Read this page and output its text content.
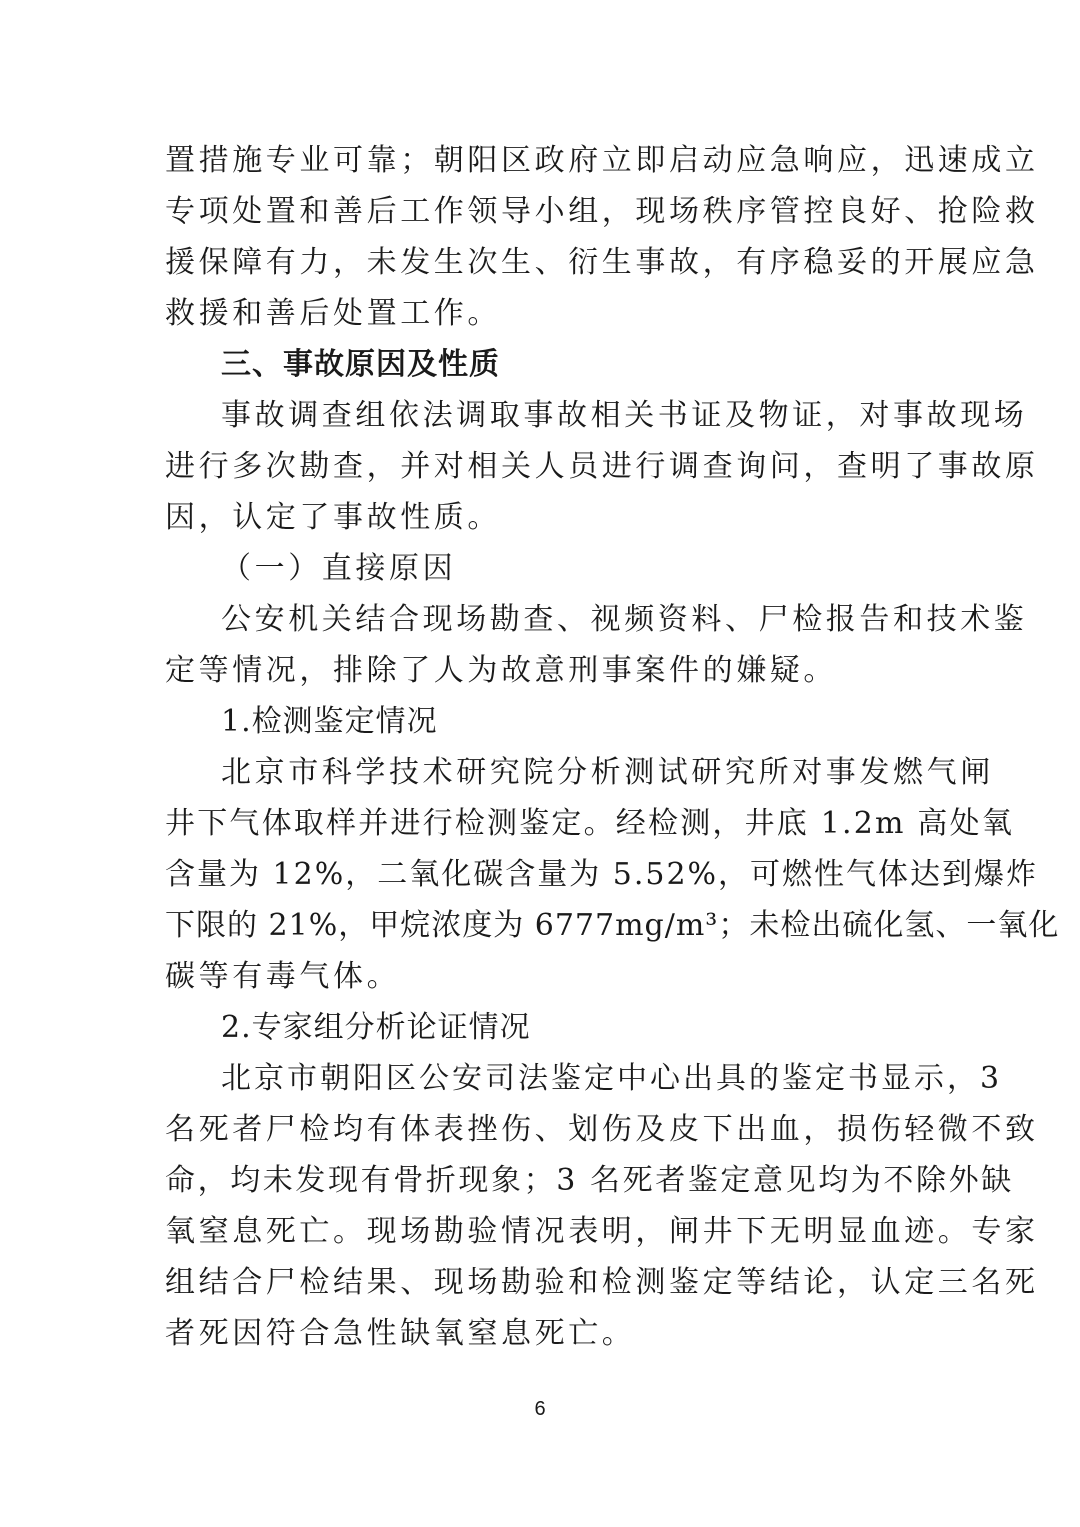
置措施专业可靠；朝阳区政府立即启动应急响应，迅速成立
专项处置和善后工作领导小组，现场秩序管控良好、抢险救
援保障有力，未发生次生、衍生事故，有序稳妥的开展应急
救援和善后处置工作。
三、事故原因及性质
事故调查组依法调取事故相关书证及物证，对事故现场
进行多次勘查，并对相关人员进行调查询问，查明了事故原
因，认定了事故性质。
（一）直接原因
公安机关结合现场勘查、视频资料、尸检报告和技术鉴
定等情况，排除了人为故意刑事案件的嫌疑。
1.检测鉴定情况
北京市科学技术研究院分析测试研究所对事发燃气闸
井下气体取样并进行检测鉴定。经检测，井底 1.2m 高处氧
含量为 12%，二氧化碳含量为 5.52%，可燃性气体达到爆炸
下限的 21%，甲烷浓度为 6777mg/m³；未检出硫化氢、一氧化
碳等有毒气体。
2.专家组分析论证情况
北京市朝阳区公安司法鉴定中心出具的鉴定书显示，3
名死者尸检均有体表挫伤、划伤及皮下出血，损伤轻微不致
命，均未发现有骨折现象；3 名死者鉴定意见均为不除外缺
氧窒息死亡。现场勘验情况表明，闸井下无明显血迹。专家
组结合尸检结果、现场勘验和检测鉴定等结论，认定三名死
者死因符合急性缺氧窒息死亡。
6
